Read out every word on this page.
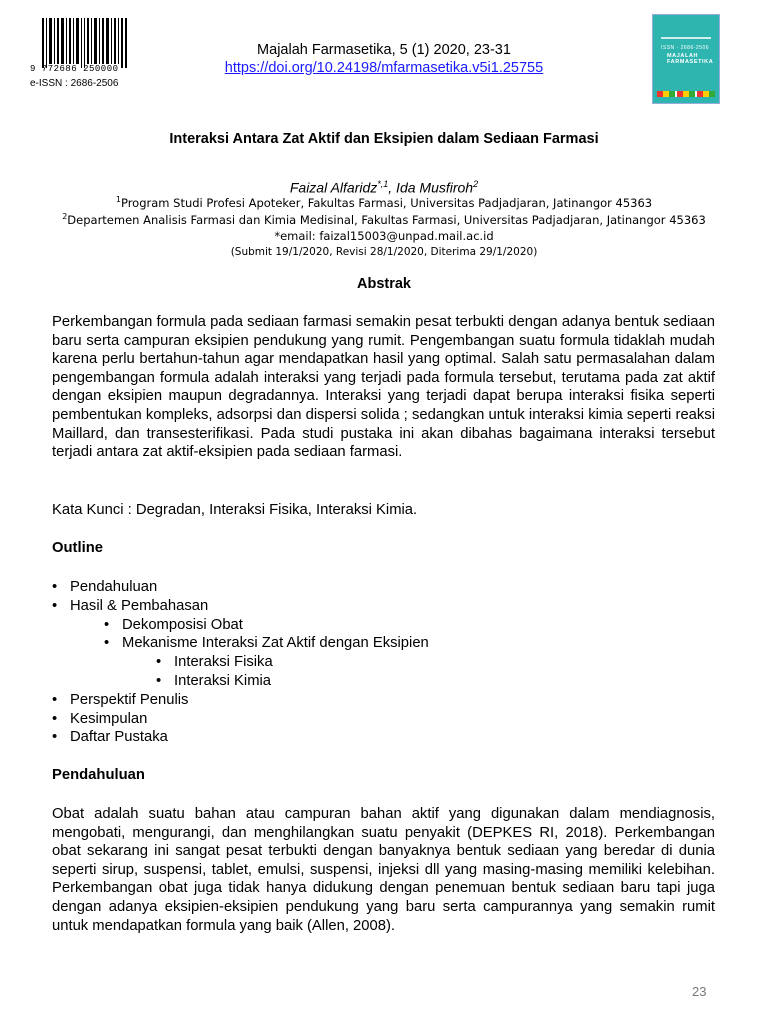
9 772686 250000
e-ISSN : 2686-2506
Majalah Farmasetika, 5 (1) 2020, 23-31
https://doi.org/10.24198/mfarmasetika.v5i1.25755
ISSN · 2686-2506
MAJALAH FARMASETIKA
Interaksi Antara Zat Aktif dan Eksipien dalam Sediaan Farmasi
Faizal Alfaridz$^{*,1}$, Ida Musfiroh$^2$
$^1$Program Studi Profesi Apoteker, Fakultas Farmasi, Universitas Padjadjaran, Jatinangor 45363
$^2$Departemen Analisis Farmasi dan Kimia Medisinal, Fakultas Farmasi, Universitas Padjadjaran, Jatinangor 45363
*email: faizal15003@unpad.mail.ac.id
(Submit 19/1/2020, Revisi 28/1/2020, Diterima 29/1/2020)
Abstrak
Perkembangan formula pada sediaan farmasi semakin pesat terbukti dengan adanya bentuk sediaan baru serta campuran eksipien pendukung yang rumit. Pengembangan suatu formula tidaklah mudah karena perlu bertahun-tahun agar mendapatkan hasil yang optimal. Salah satu permasalahan dalam pengembangan formula adalah interaksi yang terjadi pada formula tersebut, terutama pada zat aktif dengan eksipien maupun degradannya. Interaksi yang terjadi dapat berupa interaksi fisika seperti pembentukan kompleks, adsorpsi dan dispersi solida ; sedangkan untuk interaksi kimia seperti reaksi Maillard, dan transesterifikasi. Pada studi pustaka ini akan dibahas bagaimana interaksi tersebut terjadi antara zat aktif-eksipien pada sediaan farmasi.
Kata Kunci : Degradan, Interaksi Fisika, Interaksi Kimia.
Outline
• Pendahuluan
• Hasil & Pembahasan
• Dekomposisi Obat
• Mekanisme Interaksi Zat Aktif dengan Eksipien
• Interaksi Fisika
• Interaksi Kimia
• Perspektif Penulis
• Kesimpulan
• Daftar Pustaka
Pendahuluan
Obat adalah suatu bahan atau campuran bahan aktif yang digunakan dalam mendiagnosis, mengobati, mengurangi, dan menghilangkan suatu penyakit (DEPKES RI, 2018). Perkembangan obat sekarang ini sangat pesat terbukti dengan banyaknya bentuk sediaan yang beredar di dunia seperti sirup, suspensi, tablet, emulsi, suspensi, injeksi dll yang masing-masing memiliki kelebihan. Perkembangan obat juga tidak hanya didukung dengan penemuan bentuk sediaan baru tapi juga dengan adanya eksipien-eksipien pendukung yang baru serta campurannya yang semakin rumit untuk mendapatkan formula yang baik (Allen, 2008).
23
